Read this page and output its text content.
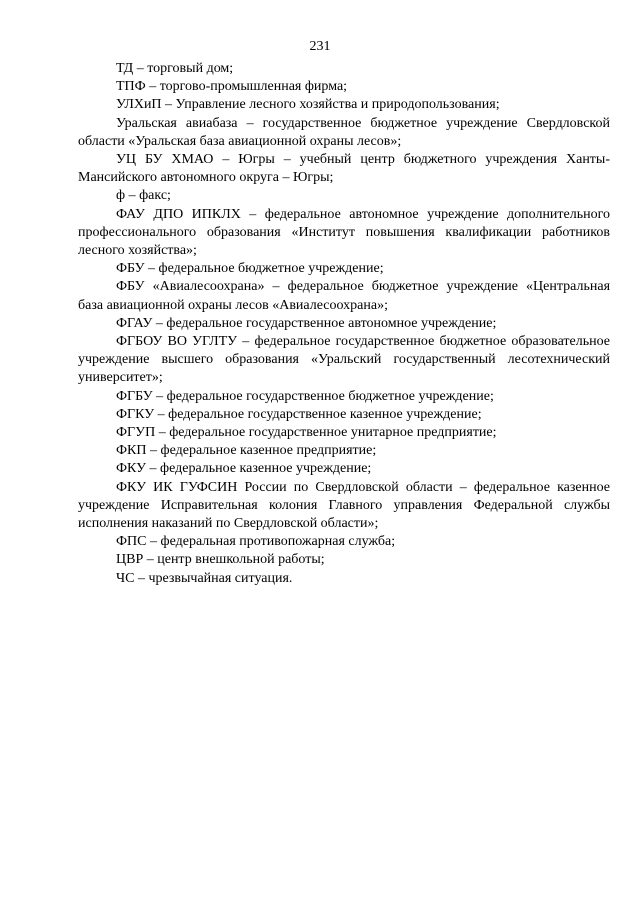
231

ТД – торговый дом;

ТПФ – торгово-промышленная фирма;

УЛХиП – Управление лесного хозяйства и природопользования;

Уральская авиабаза – государственное бюджетное учреждение Свердловской области «Уральская база авиационной охраны лесов»;

УЦ БУ ХМАО – Югры – учебный центр бюджетного учреждения Ханты-Мансийского автономного округа – Югры;

ф – факс;

ФАУ ДПО ИПКЛХ – федеральное автономное учреждение дополнительного профессионального образования «Институт повышения квалификации работников лесного хозяйства»;

ФБУ – федеральное бюджетное учреждение;

ФБУ «Авиалесоохрана» – федеральное бюджетное учреждение «Центральная база авиационной охраны лесов «Авиалесоохрана»;

ФГАУ – федеральное государственное автономное учреждение;

ФГБОУ ВО УГЛТУ – федеральное государственное бюджетное образовательное учреждение высшего образования «Уральский государственный лесотехнический университет»;

ФГБУ – федеральное государственное бюджетное учреждение;

ФГКУ – федеральное государственное казенное учреждение;

ФГУП – федеральное государственное унитарное предприятие;

ФКП – федеральное казенное предприятие;

ФКУ – федеральное казенное учреждение;

ФКУ ИК ГУФСИН России по Свердловской области – федеральное казенное учреждение Исправительная колония Главного управления Федеральной службы исполнения наказаний по Свердловской области»;

ФПС – федеральная противопожарная служба;

ЦВР – центр внешкольной работы;

ЧС – чрезвычайная ситуация.
